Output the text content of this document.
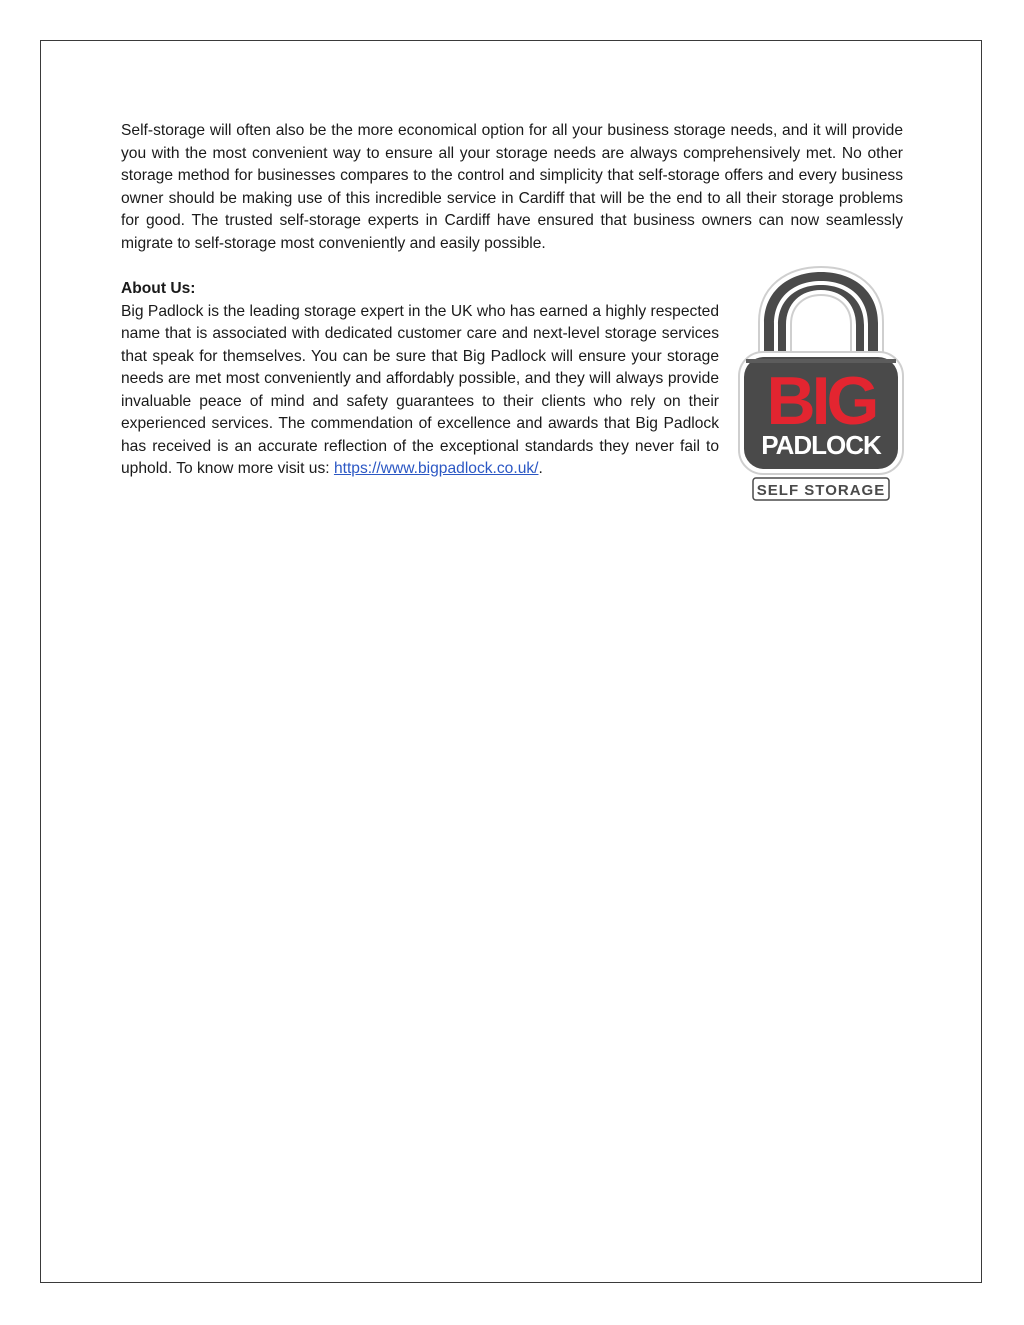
Self-storage will often also be the more economical option for all your business storage needs, and it will provide you with the most convenient way to ensure all your storage needs are always comprehensively met. No other storage method for businesses compares to the control and simplicity that self-storage offers and every business owner should be making use of this incredible service in Cardiff that will be the end to all their storage problems for good. The trusted self-storage experts in Cardiff have ensured that business owners can now seamlessly migrate to self-storage most conveniently and easily possible.

About Us:

Big Padlock is the leading storage expert in the UK who has earned a highly respected name that is associated with dedicated customer care and next-level storage services that speak for themselves. You can be sure that Big Padlock will ensure your storage needs are met most conveniently and affordably possible, and they will always provide invaluable peace of mind and safety guarantees to their clients who rely on their experienced services. The commendation of excellence and awards that Big Padlock has received is an accurate reflection of the exceptional standards they never fail to uphold. To know more visit us: https://www.bigpadlock.co.uk/.

BIG
PADLOCK
SELF STORAGE
